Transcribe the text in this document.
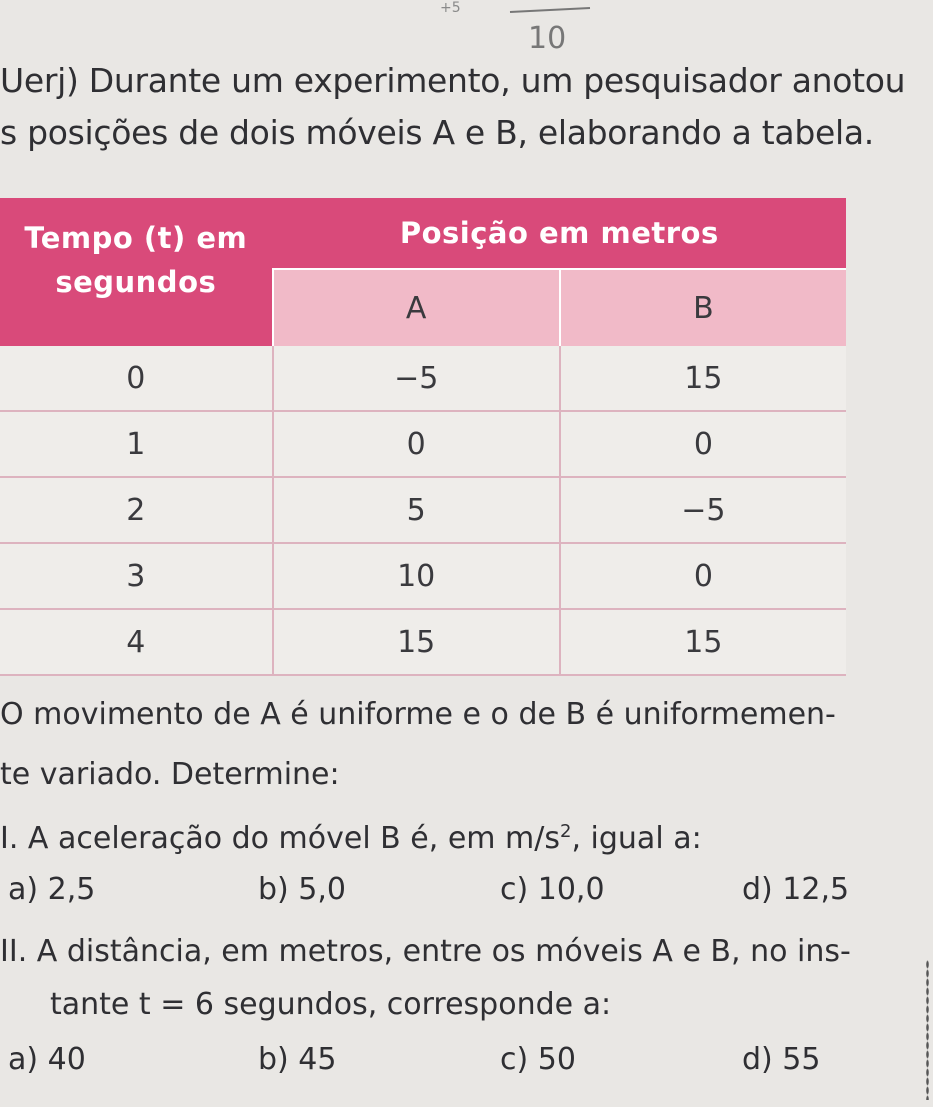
+5
10

Uerj) Durante um experimento, um pesquisador anotou s posições de dois móveis A e B, elaborando a tabela.

Tempo (t) em
segundos	Posição em metros	
	A	B
0	−5	15
1	0	0
2	5	−5
3	10	0
4	15	15

O movimento de A é uniforme e o de B é uniformemen-

te variado. Determine:

I. A aceleração do móvel B é, em $m/s^2$, igual a:

a) 2,5	b) 5,0	c) 10,0	d) 12,5

II. A distância, em metros, entre os móveis A e B, no ins-

tante t = 6 segundos, corresponde a:

a) 40	b) 45	c) 50	d) 55
